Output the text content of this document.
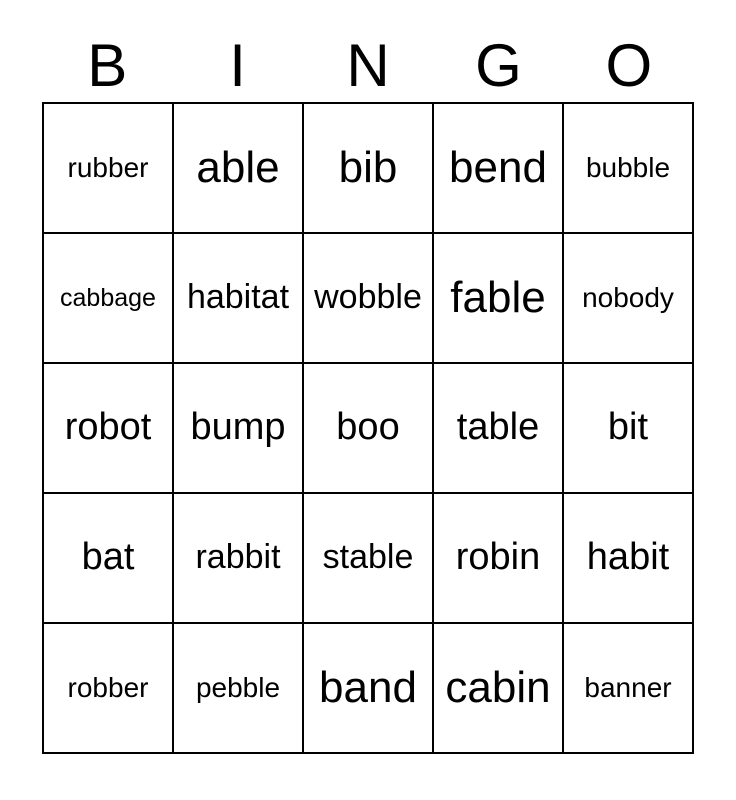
B	I	N	G	O
rubber able bib bend bubble
cabbage habitat wobble fable nobody
robot bump boo table bit
bat rabbit stable robin habit
robber pebble band cabin banner
